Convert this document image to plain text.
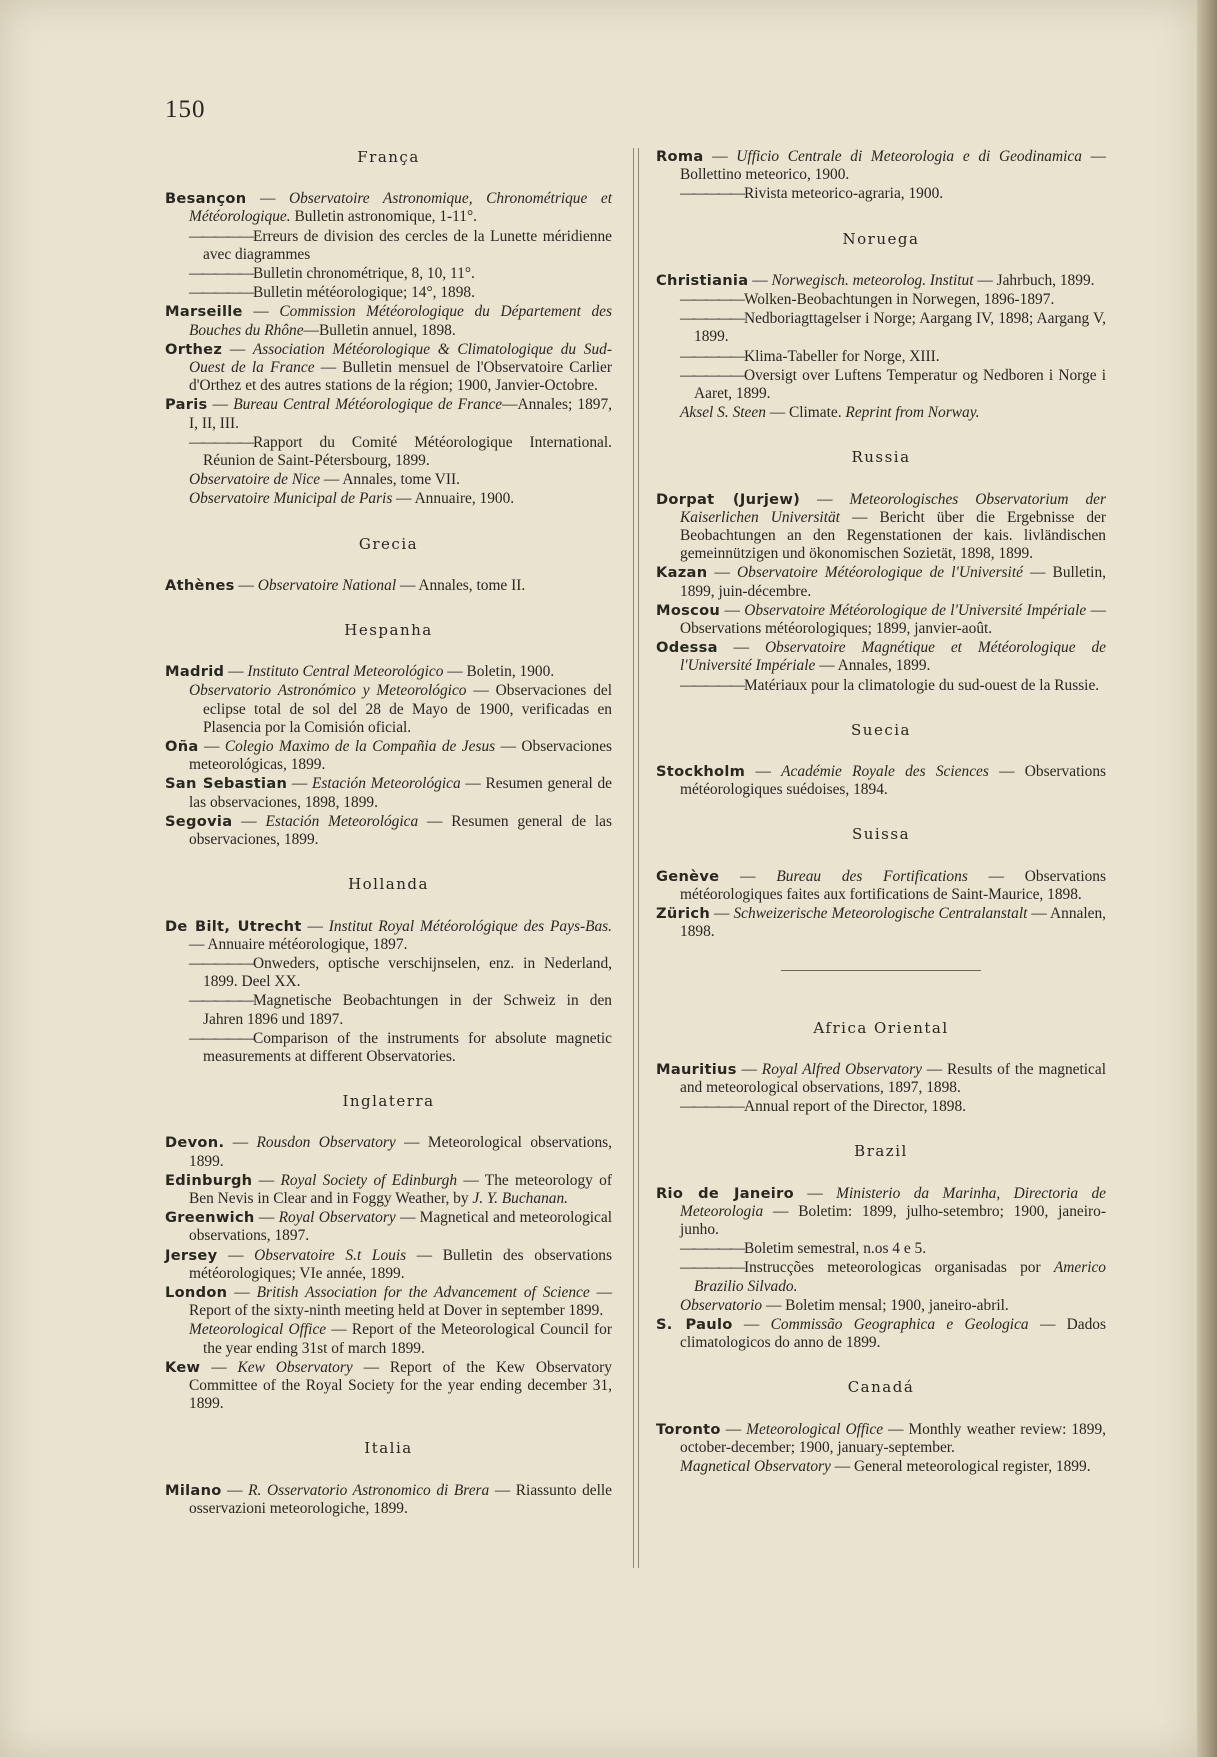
150
França
Besançon — Observatoire Astronomique, Chronométrique et Météorologique. Bulletin astronomique, 1-11°.
————— Erreurs de division des cercles de la Lunette méridienne avec diagrammes
————— Bulletin chronométrique, 8, 10, 11°.
————— Bulletin météorologique; 14°, 1898.
Marseille — Commission Météorologique du Département des Bouches du Rhône—Bulletin annuel, 1898.
Orthez — Association Météorologique & Climatologique du Sud-Ouest de la France — Bulletin mensuel de l'Observatoire Carlier d'Orthez et des autres stations de la région; 1900, Janvier-Octobre.
Paris — Bureau Central Météorologique de France—Annales; 1897, I, II, III.
————— Rapport du Comité Météorologique International. Réunion de Saint-Pétersbourg, 1899.
Observatoire de Nice — Annales, tome VII.
Observatoire Municipal de Paris — Annuaire, 1900.
Grecia
Athènes — Observatoire National — Annales, tome II.
Hespanha
Madrid — Instituto Central Meteorológico — Boletin, 1900.
Observatorio Astronómico y Meteorológico — Observaciones del eclipse total de sol del 28 de Mayo de 1900, verificadas en Plasencia por la Comisión oficial.
Oña — Colegio Maximo de la Compañia de Jesus — Observaciones meteorológicas, 1899.
San Sebastian — Estación Meteorológica — Resumen general de las observaciones, 1898, 1899.
Segovia — Estación Meteorológica — Resumen general de las observaciones, 1899.
Hollanda
De Bilt, Utrecht — Institut Royal Météorológique des Pays-Bas. — Annuaire météorologique, 1897.
————— Onweders, optische verschijnselen, enz. in Nederland, 1899. Deel XX.
————— Magnetische Beobachtungen in der Schweiz in den Jahren 1896 und 1897.
————— Comparison of the instruments for absolute magnetic measurements at different Observatories.
Inglaterra
Devon. — Rousdon Observatory — Meteorological observations, 1899.
Edinburgh — Royal Society of Edinburgh — The meteorology of Ben Nevis in Clear and in Foggy Weather, by J. Y. Buchanan.
Greenwich — Royal Observatory — Magnetical and meteorological observations, 1897.
Jersey — Observatoire S.t Louis — Bulletin des observations météorologiques; VIe année, 1899.
London — British Association for the Advancement of Science — Report of the sixty-ninth meeting held at Dover in september 1899.
Meteorological Office — Report of the Meteorological Council for the year ending 31st of march 1899.
Kew — Kew Observatory — Report of the Kew Observatory Committee of the Royal Society for the year ending december 31, 1899.
Italia
Milano — R. Osservatorio Astronomico di Brera — Riassunto delle osservazioni meteorologiche, 1899.
Roma — Ufficio Centrale di Meteorologia e di Geodinamica — Bollettino meteorico, 1900.
————— Rivista meteorico-agraria, 1900.
Noruega
Christiania — Norwegisch. meteorolog. Institut — Jahrbuch, 1899.
————— Wolken-Beobachtungen in Norwegen, 1896-1897.
————— Nedboriagttagelser i Norge; Aargang IV, 1898; Aargang V, 1899.
————— Klima-Tabeller for Norge, XIII.
————— Oversigt over Luftens Temperatur og Nedboren i Norge i Aaret, 1899.
Aksel S. Steen — Climate. Reprint from Norway.
Russia
Dorpat (Jurjew) — Meteorologisches Observatorium der Kaiserlichen Universität — Bericht über die Ergebnisse der Beobachtungen an den Regenstationen der kais. livländischen gemeinnützigen und ökonomischen Sozietät, 1898, 1899.
Kazan — Observatoire Météorologique de l'Université — Bulletin, 1899, juin-décembre.
Moscou — Observatoire Météorologique de l'Université Impériale — Observations météorologiques; 1899, janvier-août.
Odessa — Observatoire Magnétique et Météorologique de l'Université Impériale — Annales, 1899.
————— Matériaux pour la climatologie du sud-ouest de la Russie.
Suecia
Stockholm — Académie Royale des Sciences — Observations météorologiques suédoises, 1894.
Suissa
Genève — Bureau des Fortifications — Observations météorologiques faites aux fortifications de Saint-Maurice, 1898.
Zürich — Schweizerische Meteorologische Centralanstalt — Annalen, 1898.
Africa Oriental
Mauritius — Royal Alfred Observatory — Results of the magnetical and meteorological observations, 1897, 1898.
————— Annual report of the Director, 1898.
Brazil
Rio de Janeiro — Ministerio da Marinha, Directoria de Meteorologia — Boletim: 1899, julho-setembro; 1900, janeiro-junho.
————— Boletim semestral, n.os 4 e 5.
————— Instrucções meteorologicas organisadas por Americo Brazilio Silvado.
Observatorio — Boletim mensal; 1900, janeiro-abril.
S. Paulo — Commissão Geographica e Geologica — Dados climatologicos do anno de 1899.
Canadá
Toronto — Meteorological Office — Monthly weather review: 1899, october-december; 1900, january-september.
Magnetical Observatory — General meteorological register, 1899.
